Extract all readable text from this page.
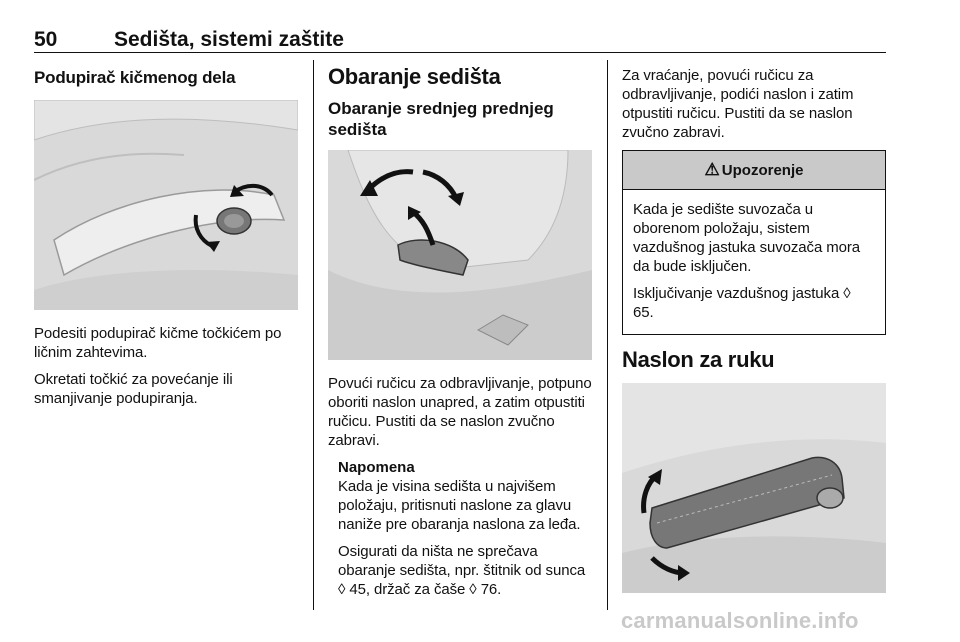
50	Sedišta, sistemi zaštite
Podupirač kičmenog dela

Podesiti podupirač kičme točkićem po ličnim zahtevima.

Okretati točkić za povećanje ili smanjivanje podupiranja.

Obaranje sedišta
Obaranje srednjeg prednjeg sedišta

Povući ručicu za odbravljivanje, potpuno oboriti naslon unapred, a zatim otpustiti ručicu. Pustiti da se naslon zvučno zabravi.

Napomena

Kada je visina sedišta u najvišem položaju, pritisnuti naslone za glavu naniže pre obaranja naslona za leđa.

Osigurati da ništa ne sprečava obaranje sedišta, npr. štitnik od sunca ◊ 45, držač za čaše ◊ 76.

Za vraćanje, povući ručicu za odbravljivanje, podići naslon i zatim otpustiti ručicu. Pustiti da se naslon zvučno zabravi.

⚠ Upozorenje

Kada je sedište suvozača u oborenom položaju, sistem vazdušnog jastuka suvozača mora da bude isključen.

Isključivanje vazdušnog jastuka ◊ 65.

Naslon za ruku
carmanualsonline.info
